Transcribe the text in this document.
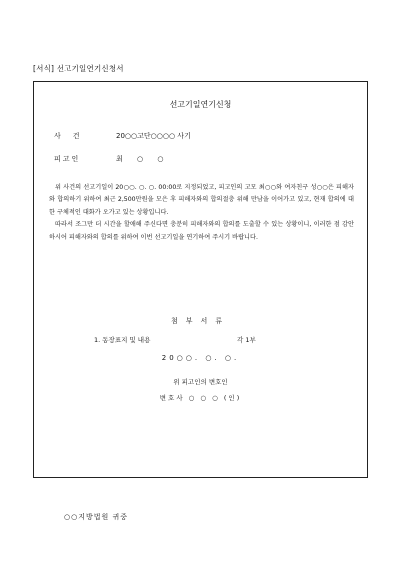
[서식] 선고기일연기신청서
선고기일연기신청
사건	20○○고단○○○○ 사기
피고인	최 ○ ○

위 사건의 선고기일이 20○○. ○. ○. 00:00로 지정되었고, 피고인의 고모 최○○와 여자친구 성○○은 피해자와 합의하기 위하여 최근 2,500만원을 모은 후 피해자와의 합의절충 위해 만남을 이어가고 있고, 현재 합의에 대한 구체적인 대화가 오가고 있는 상황입니다.

따라서 조그만 더 시간을 할애해 주신다면 충분히 피해자와의 합의를 도출할 수 있는 상황이니, 이러한 점 감안하시어 피해자와의 합의를 위하여 이번 선고기일을 연기하여 주시기 바랍니다.

첨부서류
1. 동장표지 및 내용	각 1부
20○○. ○. ○.
위 피고인의 변호인
변호사 ○ ○ ○ (인)
○○지방법원 귀중
